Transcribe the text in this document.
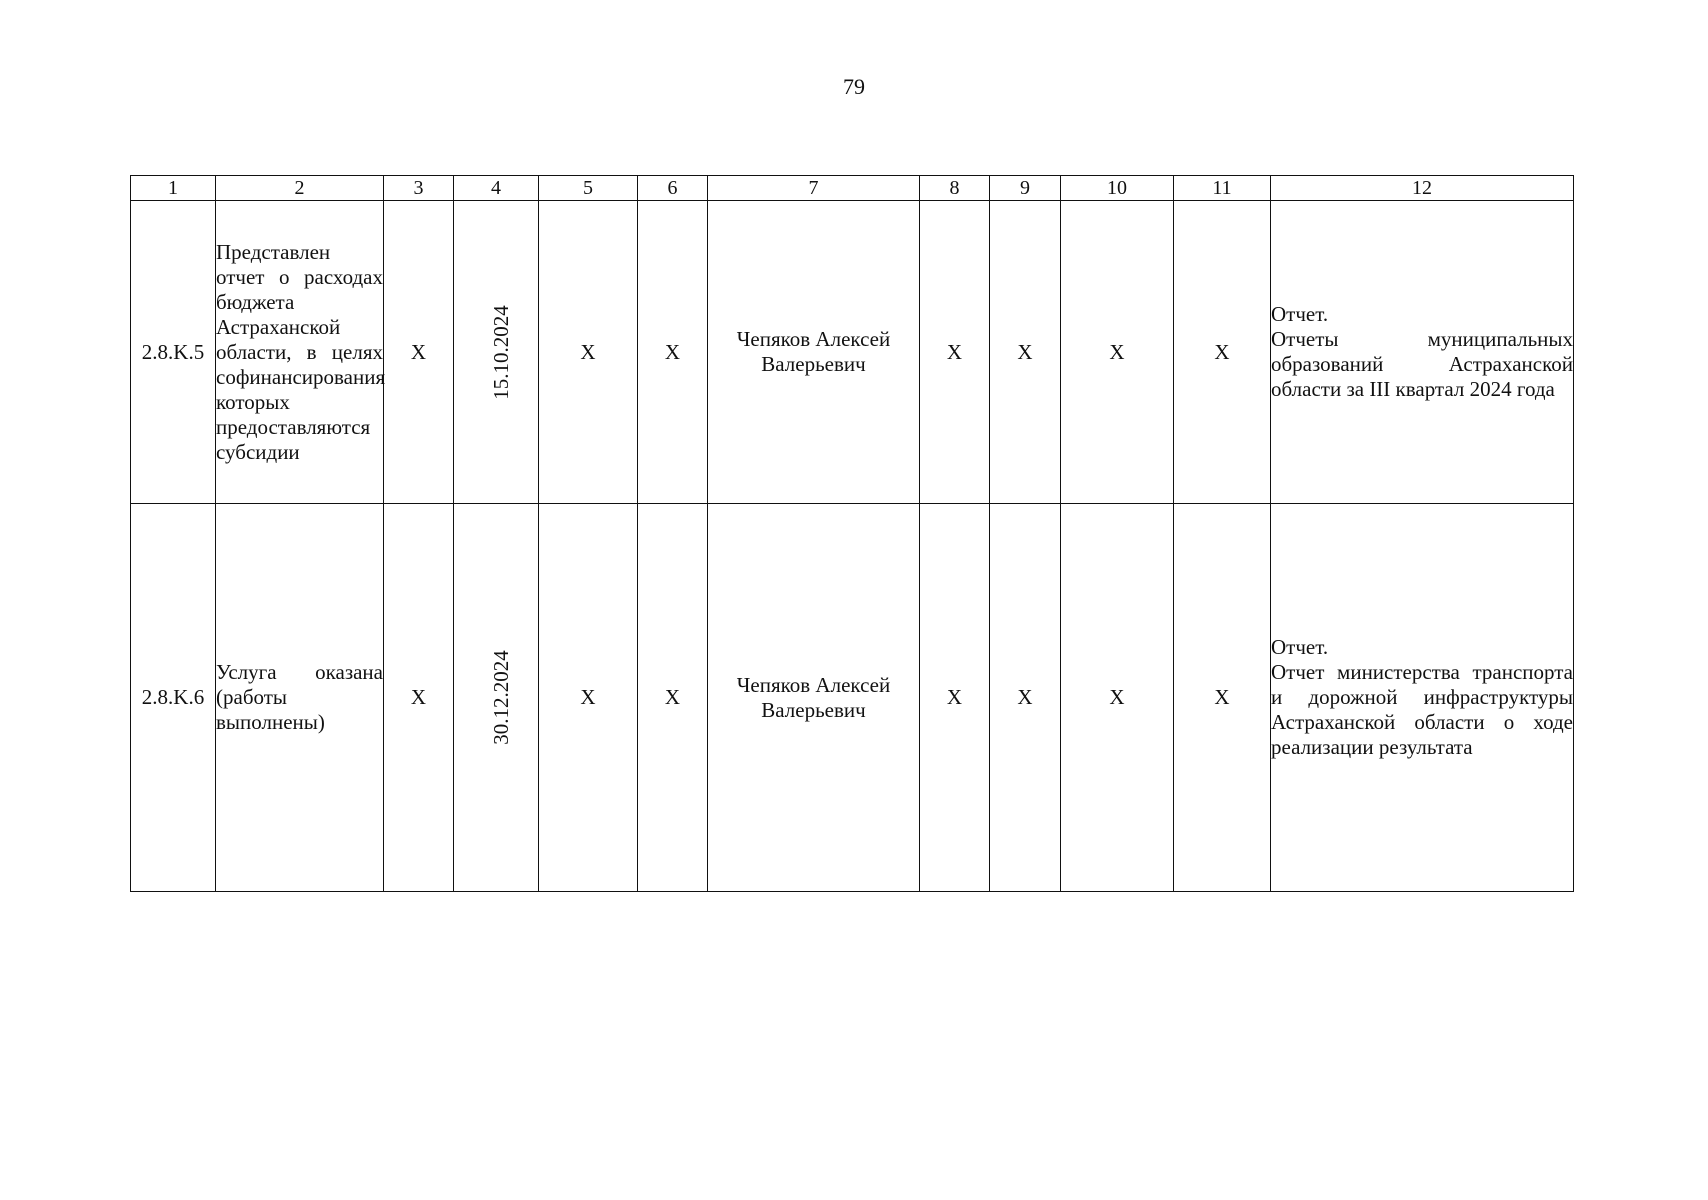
79
1	2	3	4	5	6	7	8	9	10	11	12
2.8.K.5	Представлен отчет о расходах бюджета Астраханской области, в целях софинансирования которых предоставляются субсидии	X	15.10.2024	X	X	Чепяков Алексей Валерьевич	X	X	X	X	Отчет.
Отчеты муниципальных образований Астраханской области за III квартал 2024 года

2.8.K.6	Услуга оказана (работы выполнены)	X	30.12.2024	X	X	Чепяков Алексей Валерьевич	X	X	X	X	Отчет.
Отчет министерства транспорта и дорожной инфраструктуры Астраханской области о ходе реализации результата
